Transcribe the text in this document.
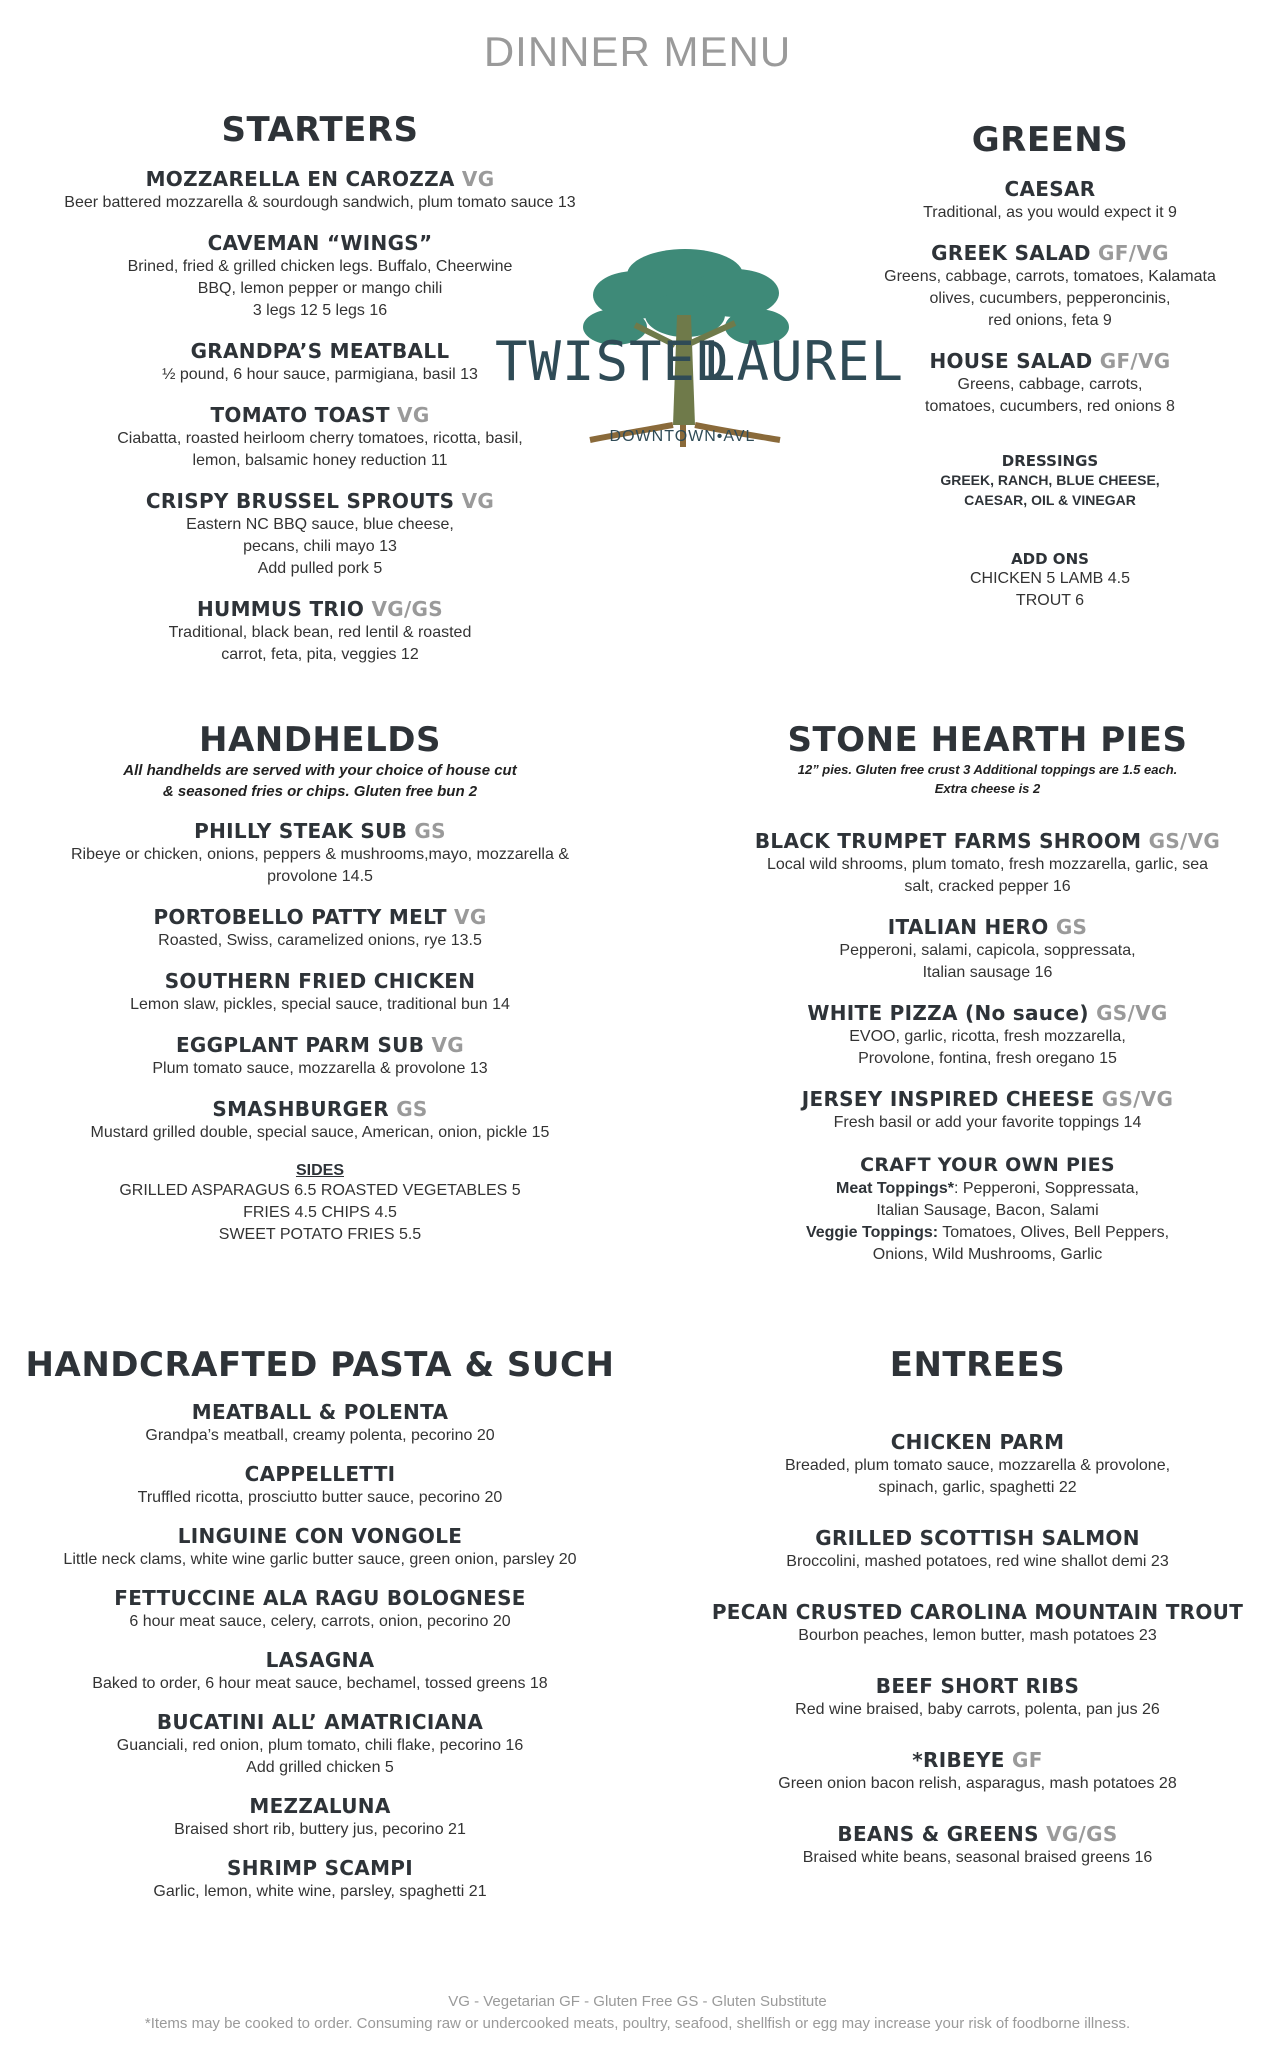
DINNER MENU
STARTERS
MOZZARELLA EN CAROZZA VG
Beer battered mozzarella & sourdough sandwich, plum tomato sauce 13
CAVEMAN “WINGS”
Brined, fried & grilled chicken legs. Buffalo, Cheerwine
BBQ, lemon pepper or mango chili
3 legs 12 5 legs 16
GRANDPA’S MEATBALL
½ pound, 6 hour sauce, parmigiana, basil 13
TOMATO TOAST VG
Ciabatta, roasted heirloom cherry tomatoes, ricotta, basil,
lemon, balsamic honey reduction 11
CRISPY BRUSSEL SPROUTS VG
Eastern NC BBQ sauce, blue cheese,
pecans, chili mayo 13
Add pulled pork 5
HUMMUS TRIO VG/GS
Traditional, black bean, red lentil & roasted
carrot, feta, pita, veggies 12
TWISTED
LAUREL
DOWNTOWN•AVL
GREENS
CAESAR
Traditional, as you would expect it 9
GREEK SALAD GF/VG
Greens, cabbage, carrots, tomatoes, Kalamata
olives, cucumbers, pepperoncinis,
red onions, feta 9
HOUSE SALAD GF/VG
Greens, cabbage, carrots,
tomatoes, cucumbers, red onions 8
DRESSINGS
GREEK, RANCH, BLUE CHEESE,
CAESAR, OIL & VINEGAR
ADD ONS
CHICKEN 5 LAMB 4.5
TROUT 6
HANDHELDS
All handhelds are served with your choice of house cut
& seasoned fries or chips. Gluten free bun 2
PHILLY STEAK SUB GS
Ribeye or chicken, onions, peppers & mushrooms,mayo, mozzarella &
provolone 14.5
PORTOBELLO PATTY MELT VG
Roasted, Swiss, caramelized onions, rye 13.5
SOUTHERN FRIED CHICKEN
Lemon slaw, pickles, special sauce, traditional bun 14
EGGPLANT PARM SUB VG
Plum tomato sauce, mozzarella & provolone 13
SMASHBURGER GS
Mustard grilled double, special sauce, American, onion, pickle 15
SIDES
GRILLED ASPARAGUS 6.5 ROASTED VEGETABLES 5
FRIES 4.5 CHIPS 4.5
SWEET POTATO FRIES 5.5
STONE HEARTH PIES
12” pies. Gluten free crust 3 Additional toppings are 1.5 each.
Extra cheese is 2
BLACK TRUMPET FARMS SHROOM GS/VG
Local wild shrooms, plum tomato, fresh mozzarella, garlic, sea
salt, cracked pepper 16
ITALIAN HERO GS
Pepperoni, salami, capicola, soppressata,
Italian sausage 16
WHITE PIZZA (No sauce) GS/VG
EVOO, garlic, ricotta, fresh mozzarella,
Provolone, fontina, fresh oregano 15
JERSEY INSPIRED CHEESE GS/VG
Fresh basil or add your favorite toppings 14
CRAFT YOUR OWN PIES
Meat Toppings*: Pepperoni, Soppressata,
Italian Sausage, Bacon, Salami
Veggie Toppings: Tomatoes, Olives, Bell Peppers,
Onions, Wild Mushrooms, Garlic
HANDCRAFTED PASTA & SUCH
MEATBALL & POLENTA
Grandpa’s meatball, creamy polenta, pecorino 20
CAPPELLETTI
Truffled ricotta, prosciutto butter sauce, pecorino 20
LINGUINE CON VONGOLE
Little neck clams, white wine garlic butter sauce, green onion, parsley 20
FETTUCCINE ALA RAGU BOLOGNESE
6 hour meat sauce, celery, carrots, onion, pecorino 20
LASAGNA
Baked to order, 6 hour meat sauce, bechamel, tossed greens 18
BUCATINI ALL’ AMATRICIANA
Guanciali, red onion, plum tomato, chili flake, pecorino 16
Add grilled chicken 5
MEZZALUNA
Braised short rib, buttery jus, pecorino 21
SHRIMP SCAMPI
Garlic, lemon, white wine, parsley, spaghetti 21
ENTREES
CHICKEN PARM
Breaded, plum tomato sauce, mozzarella & provolone,
spinach, garlic, spaghetti 22
GRILLED SCOTTISH SALMON
Broccolini, mashed potatoes, red wine shallot demi 23
PECAN CRUSTED CAROLINA MOUNTAIN TROUT
Bourbon peaches, lemon butter, mash potatoes 23
BEEF SHORT RIBS
Red wine braised, baby carrots, polenta, pan jus 26
*RIBEYE GF
Green onion bacon relish, asparagus, mash potatoes 28
BEANS & GREENS VG/GS
Braised white beans, seasonal braised greens 16
VG - Vegetarian GF - Gluten Free GS - Gluten Substitute
*Items may be cooked to order. Consuming raw or undercooked meats, poultry, seafood, shellfish or egg may increase your risk of foodborne illness.
